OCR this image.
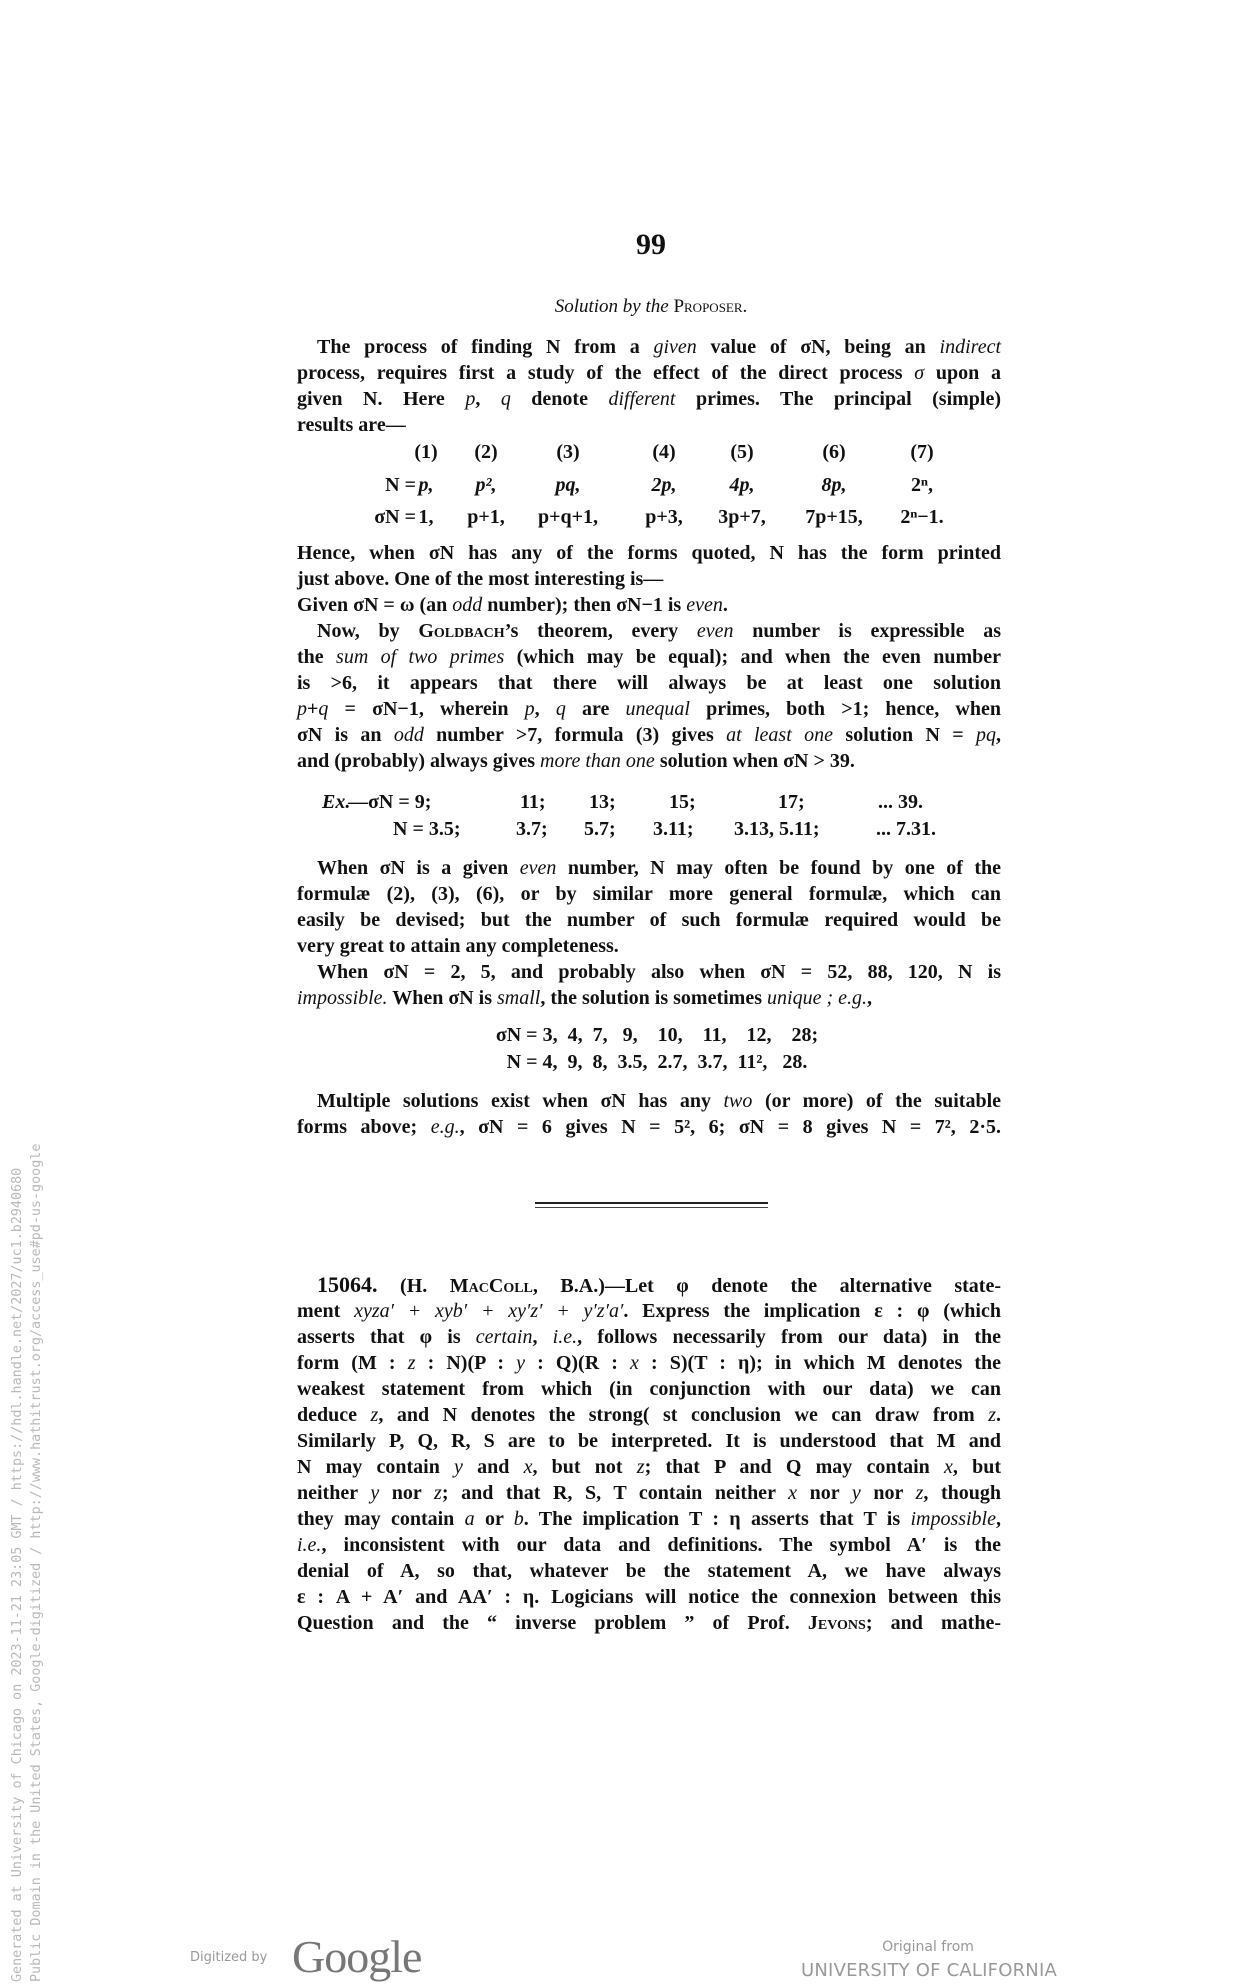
99
Solution by the Proposer.
The process of finding N from a given value of σN, being an indirect
process, requires first a study of the effect of the direct process σ upon a
given N. Here p, q denote different primes. The principal (simple)
results are—
(1) (2)	(3)	(4)	(5)	(6)	(7)
N = p, p²,	pq,	2p,	4p,	8p,	2ⁿ,
σN = 1, p+1, p+q+1, p+3, 3p+7, 7p+15, 2ⁿ−1.
Hence, when σN has any of the forms quoted, N has the form printed
just above. One of the most interesting is—
Given σN = ω (an odd number); then σN−1 is even.
Now, by Goldbach’s theorem, every even number is expressible as
the sum of two primes (which may be equal); and when the even number
is >6, it appears that there will always be at least one solution
p+q = σN−1, wherein p, q are unequal primes, both >1; hence, when
σN is an odd number >7, formula (3) gives at least one solution N = pq,
and (probably) always gives more than one solution when σN > 39.
Ex.
—σN = 9;	11; 13;	15;	17;	... 39.
N = 3.5;	3.7; 5.7; 3.11; 3.13, 5.11;	... 7.31.
When σN is a given even number, N may often be found by one of the
formulæ (2), (3), (6), or by similar more general formulæ, which can
easily be devised; but the number of such formulæ required would be
very great to attain any completeness.
When σN = 2, 5, and probably also when σN = 52, 88, 120, N is
impossible. When σN is small, the solution is sometimes unique ; e.g.,
σN = 3,  4,  7,   9,    10,    11,    12,    28;
N = 4,  9,  8,  3.5,  2.7,  3.7,  11²,   28.
Multiple solutions exist when σN has any two (or more) of the suitable
forms above; e.g., σN = 6 gives N = 5², 6; σN = 8 gives N = 7², 2·5.
15064. (H. MacColl, B.A.)—Let φ denote the alternative state-
ment xyza′ + xyb′ + xy′z′ + y′z′a′. Express the implication ε : φ (which
asserts that φ is certain, i.e., follows necessarily from our data) in the
form (M : z : N)(P : y : Q)(R : x : S)(T : η); in which M denotes the
weakest statement from which (in conjunction with our data) we can
deduce z, and N denotes the strong( st conclusion we can draw from z.
Similarly P, Q, R, S are to be interpreted. It is understood that M and
N may contain y and x, but not z; that P and Q may contain x, but
neither y nor z; and that R, S, T contain neither x nor y nor z, though
they may contain a or b. The implication T : η asserts that T is impossible,
i.e., inconsistent with our data and definitions. The symbol A′ is the
denial of A, so that, whatever be the statement A, we have always
ε : A + A′ and AA′ : η. Logicians will notice the connexion between this
Question and the “ inverse problem ” of Prof. Jevons; and mathe-
Generated at University of Chicago on 2023-11-21 23:05 GMT / https://hdl.handle.net/2027/uc1.b2940680 Public Domain in the United States, Google-digitized / http://www.hathitrust.org/access_use#pd-us-google	Digitized by Google	Original from
UNIVERSITY OF CALIFORNIA
